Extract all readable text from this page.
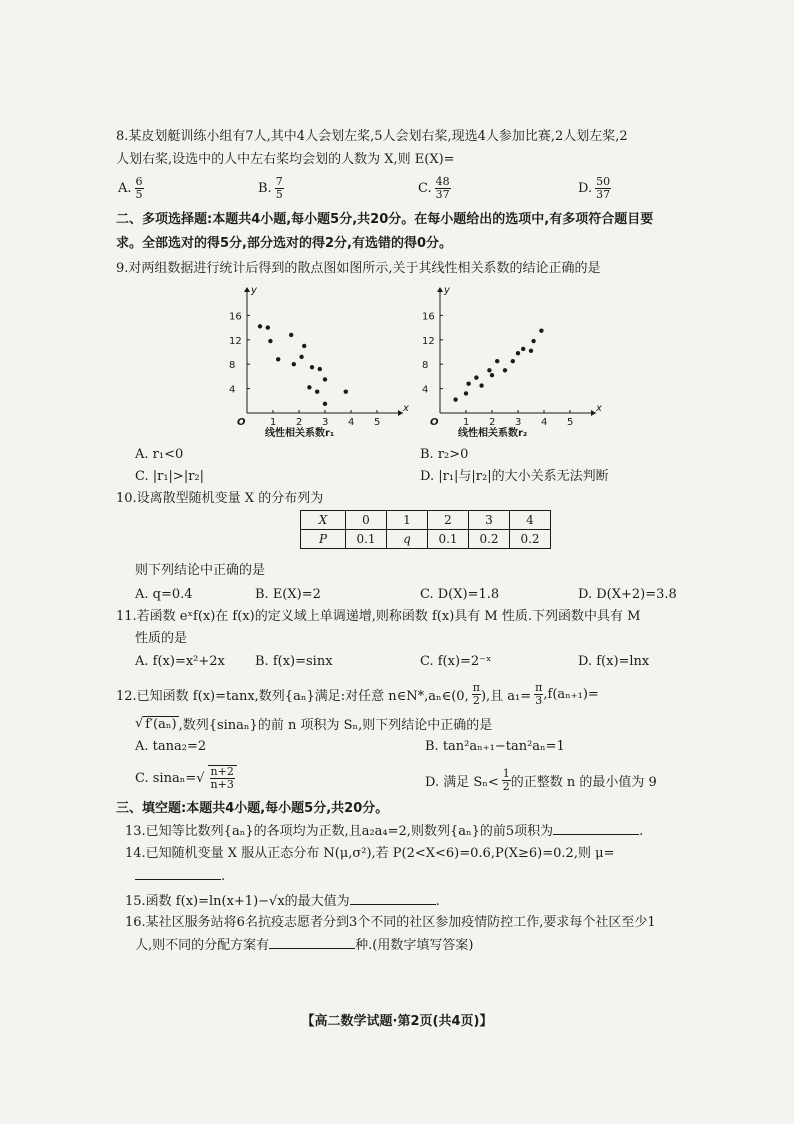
8.某皮划艇训练小组有7人,其中4人会划左桨,5人会划右桨,现选4人参加比赛,2人划左桨,2
人划右桨,设选中的人中左右桨均会划的人数为 X,则 E(X)=
A. $\frac{6}{5}$	B. $\frac{7}{5}$	C. $\frac{48}{37}$	D. $\frac{50}{37}$
二、多项选择题:本题共4小题,每小题5分,共20分。在每小题给出的选项中,有多项符合题目要
求。全部选对的得5分,部分选对的得2分,有选错的得0分。
9.对两组数据进行统计后得到的散点图如图所示,关于其线性相关系数的结论正确的是
y
x
O
16
12
8
4
1 2 3 4 5
线性相关系数r₁
y
x
O
16
12
8
4
1 2 3 4 5
线性相关系数r₂
A. r₁<0	B. r₂>0
C. |r₁|>|r₂|	D. |r₁|与|r₂|的大小关系无法判断
10.设离散型随机变量 X 的分布列为
X	0	1	2	3	4
P	0.1	q	0.1	0.2	0.2
则下列结论中正确的是
A. q=0.4	B. E(X)=2	C. D(X)=1.8	D. D(X+2)=3.8
11.若函数 eˣf(x)在 f(x)的定义域上单调递增,则称函数 f(x)具有 M 性质.下列函数中具有 M
性质的是
A. f(x)=x²+2x B. f(x)=sinx	C. f(x)=2⁻ˣ	D. f(x)=lnx
12.已知函数 f(x)=tanx,数列{aₙ}满足:对任意 n∈N*,aₙ∈(0, $\frac{\pi}{2}$ ),且 $a_1= \frac{\pi}{3} ,f(a_{n+1})=$
√ f′(aₙ) ,数列{sinaₙ}的前 n 项积为 Sₙ,则下列结论中正确的是
A. tana₂=2	B. tan²aₙ₊₁−tan²aₙ=1
C. sinaₙ= √ $\frac{n+2}{n+3}$	D. 满足 $S_n< \frac{1}{2}$ 的正整数 n 的最小值为 9
三、填空题:本题共4小题,每小题5分,共20分。
13.已知等比数列{aₙ}的各项均为正数,且a₂a₄=2,则数列{aₙ}的前5项积为	.
14.已知随机变量 X 服从正态分布 N(μ,σ²),若 P(2<X<6)=0.6,P(X≥6)=0.2,则 μ=
.
15.函数 f(x)=ln(x+1)−√x的最大值为	.
16.某社区服务站将6名抗疫志愿者分到3个不同的社区参加疫情防控工作,要求每个社区至少1
人,则不同的分配方案有	种.(用数字填写答案)
【高二数学试题·第2页(共4页)】
